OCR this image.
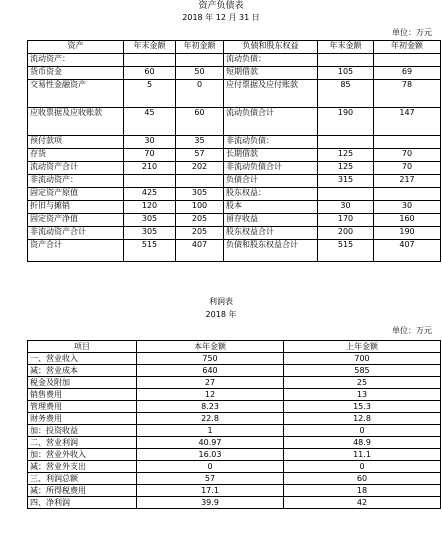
资产负债表
2018 年 12 月 31 日
单位：万元
资产	年末金额	年初金额	负债和股东权益	年末金额	年初金额
流动资产：			流动负债：		
货币资金	60	50	短期借款	105	69
交易性金融资产	5	0	应付票据及应付账款	85	78
应收票据及应收账款	45	60	流动负债合计	190	147
预付款项	30	35	非流动负债：		
存货	70	57	长期借款	125	70
流动资产合计	210	202	非流动负债合计	125	70
非流动资产：			负债合计	315	217
固定资产原值	425	305	股东权益：		
折旧与摊销	120	100	股本	30	30
固定资产净值	305	205	留存收益	170	160
非流动资产合计	305	205	股东权益合计	200	190
资产合计	515	407	负债和股东权益合计	515	407
利润表
2018 年
单位：万元
项目	本年金额	上年金额
一、营业收入	750	700
减：营业成本	640	585
税金及附加	27	25
销售费用	12	13
管理费用	8.23	15.3
财务费用	22.8	12.8
加：投资收益	1	0
二、营业利润	40.97	48.9
加：营业外收入	16.03	11.1
减：营业外支出	0	0
三、利润总额	57	60
减：所得税费用	17.1	18
四、净利润	39.9	42
